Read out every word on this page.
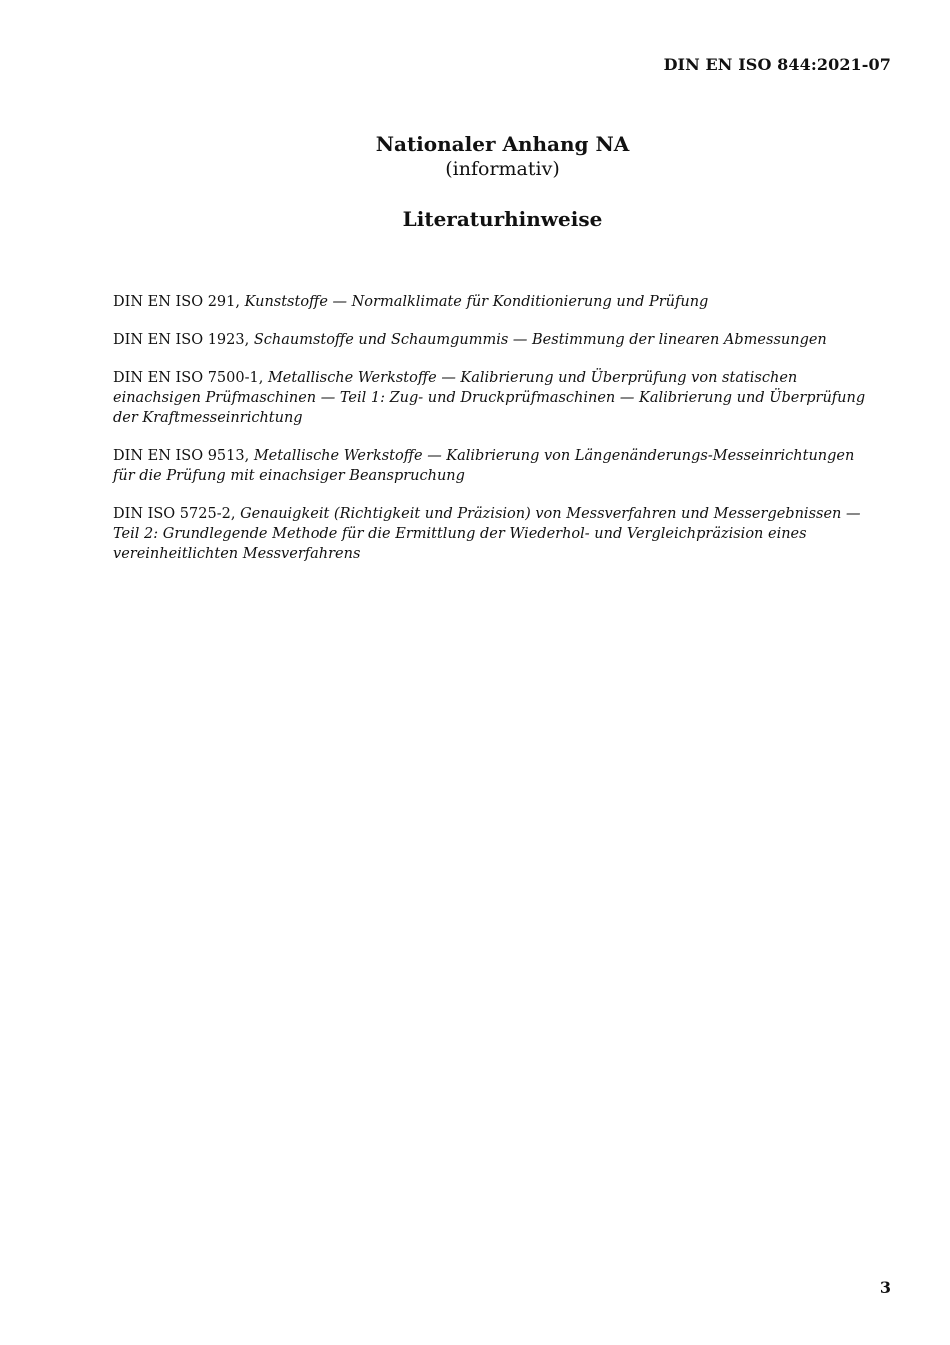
DIN EN ISO 844:2021-07
Nationaler Anhang NA
(informativ)
Literaturhinweise

DIN EN ISO 291, Kunststoffe — Normalklimate für Konditionierung und Prüfung

DIN EN ISO 1923, Schaumstoffe und Schaumgummis — Bestimmung der linearen Abmessungen

DIN EN ISO 7500-1, Metallische Werkstoffe — Kalibrierung und Überprüfung von statischen einachsigen Prüfmaschinen — Teil 1: Zug- und Druckprüfmaschinen — Kalibrierung und Überprüfung der Kraftmesseinrichtung

DIN EN ISO 9513, Metallische Werkstoffe — Kalibrierung von Längenänderungs-Messeinrichtungen für die Prüfung mit einachsiger Beanspruchung

DIN ISO 5725-2, Genauigkeit (Richtigkeit und Präzision) von Messverfahren und Messergebnissen — Teil 2: Grundlegende Methode für die Ermittlung der Wiederhol- und Vergleichpräzision eines vereinheitlichten Messverfahrens

3
